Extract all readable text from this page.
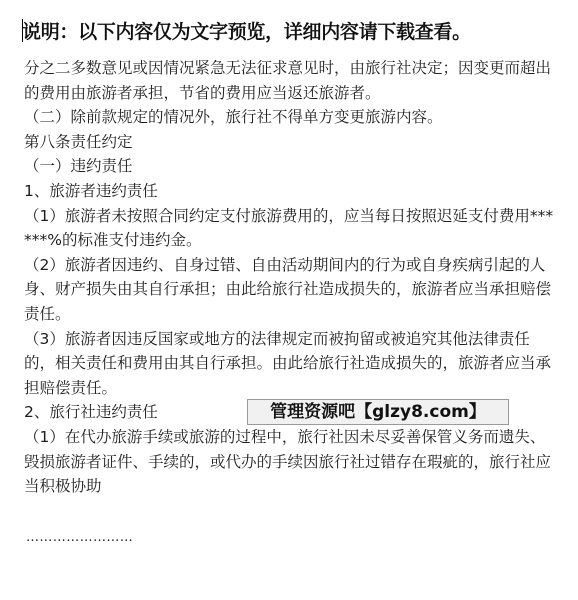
说明：以下内容仅为文字预览，详细内容请下载查看。

分之二多数意见或因情况紧急无法征求意见时，由旅行社决定；因变更而超出的费用由旅游者承担，节省的费用应当返还旅游者。

（二）除前款规定的情况外，旅行社不得单方变更旅游内容。

第八条责任约定

（一）违约责任

1、旅游者违约责任

（1）旅游者未按照合同约定支付旅游费用的，应当每日按照迟延支付费用******%的标准支付违约金。

（2）旅游者因违约、自身过错、自由活动期间内的行为或自身疾病引起的人身、财产损失由其自行承担；由此给旅行社造成损失的，旅游者应当承担赔偿责任。

（3）旅游者因违反国家或地方的法律规定而被拘留或被追究其他法律责任的，相关责任和费用由其自行承担。由此给旅行社造成损失的，旅游者应当承担赔偿责任。

2、旅行社违约责任

（1）在代办旅游手续或旅游的过程中，旅行社因未尽妥善保管义务而遗失、毁损旅游者证件、手续的，或代办的手续因旅行社过错存在瑕疵的，旅行社应当积极协助

……………………
管理资源吧【glzy8.com】
